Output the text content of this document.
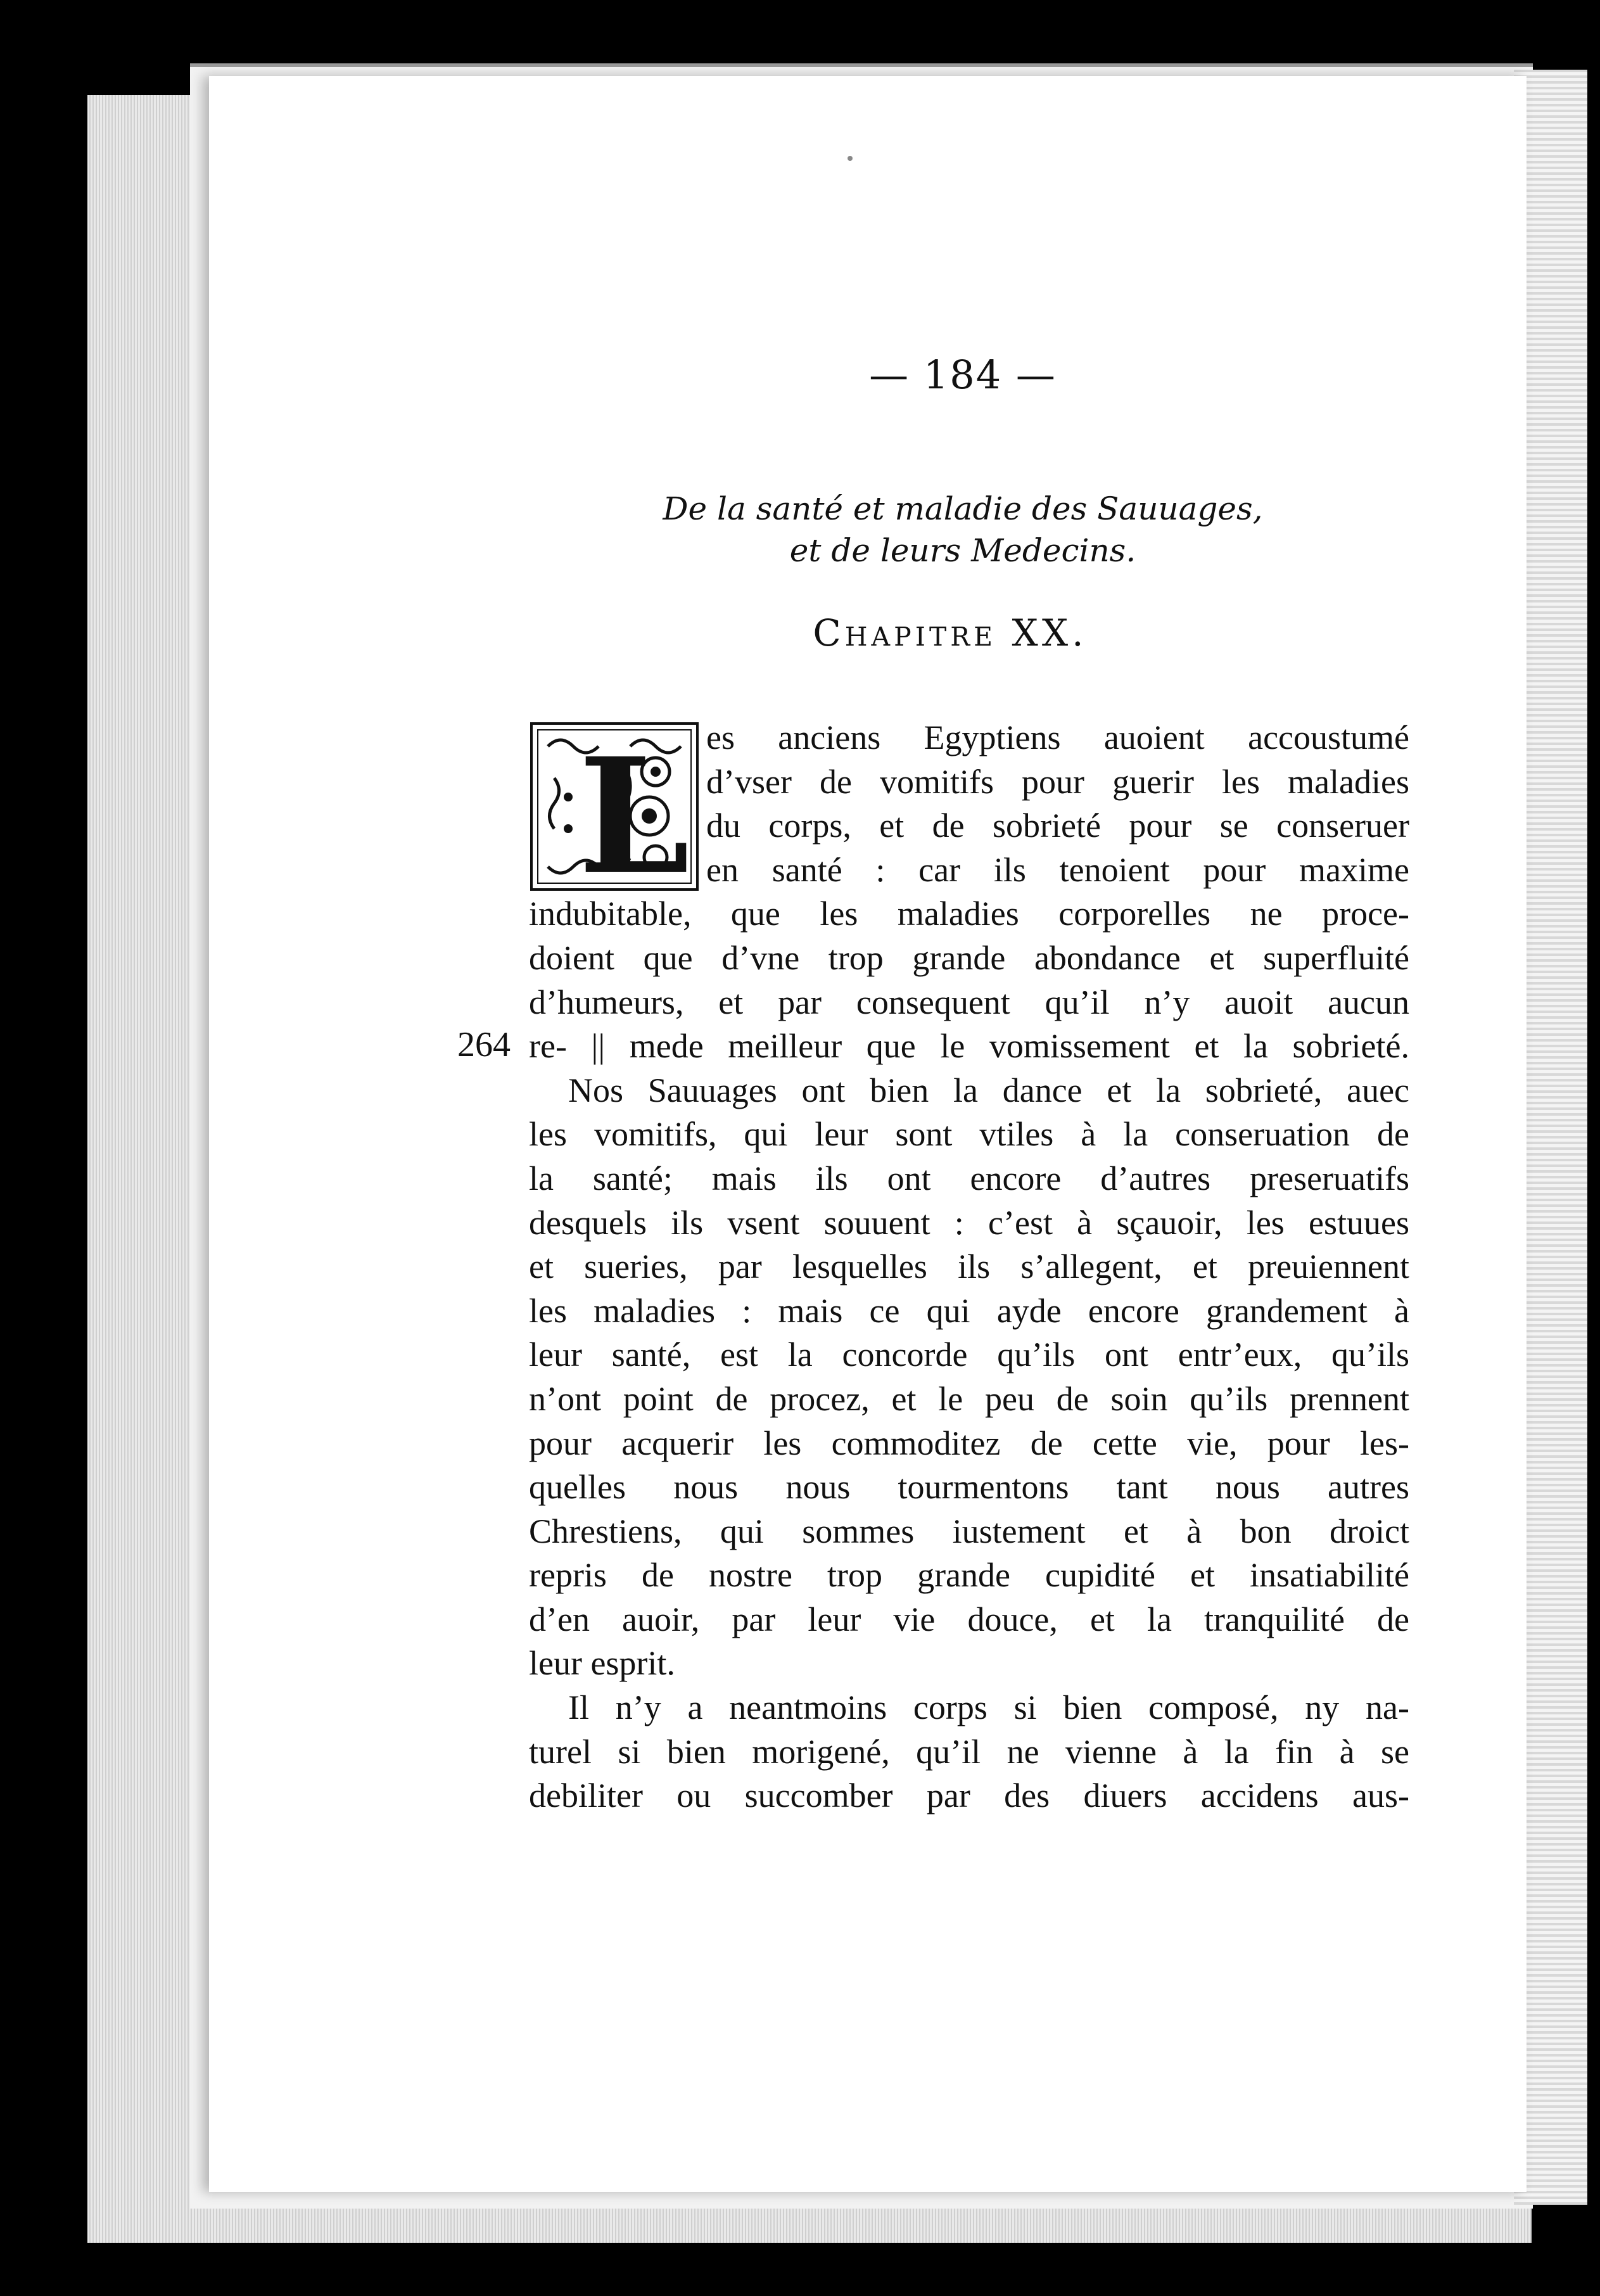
— 184 —
De la santé et maladie des Sauuages,
et de leurs Medecins.
Chapitre XX.
L
264
es anciens Egyptiens auoient accoustumé
d’vser de vomitifs pour guerir les maladies
du corps, et de sobrieté pour se conseruer
en santé : car ils tenoient pour maxime
indubitable, que les maladies corporelles ne proce-
doient que d’vne trop grande abondance et superfluité
d’humeurs, et par consequent qu’il n’y auoit aucun
re- || mede meilleur que le vomissement et la sobrieté.
Nos Sauuages ont bien la dance et la sobrieté, auec
les vomitifs, qui leur sont vtiles à la conseruation de
la santé; mais ils ont encore d’autres preseruatifs
desquels ils vsent souuent : c’est à sçauoir, les estuues
et sueries, par lesquelles ils s’allegent, et preuiennent
les maladies : mais ce qui ayde encore grandement à
leur santé, est la concorde qu’ils ont entr’eux, qu’ils
n’ont point de procez, et le peu de soin qu’ils prennent
pour acquerir les commoditez de cette vie, pour les-
quelles nous nous tourmentons tant nous autres
Chrestiens, qui sommes iustement et à bon droict
repris de nostre trop grande cupidité et insatiabilité
d’en auoir, par leur vie douce, et la tranquilité de
leur esprit.
Il n’y a neantmoins corps si bien composé, ny na-
turel si bien morigené, qu’il ne vienne à la fin à se
debiliter ou succomber par des diuers accidens aus-
